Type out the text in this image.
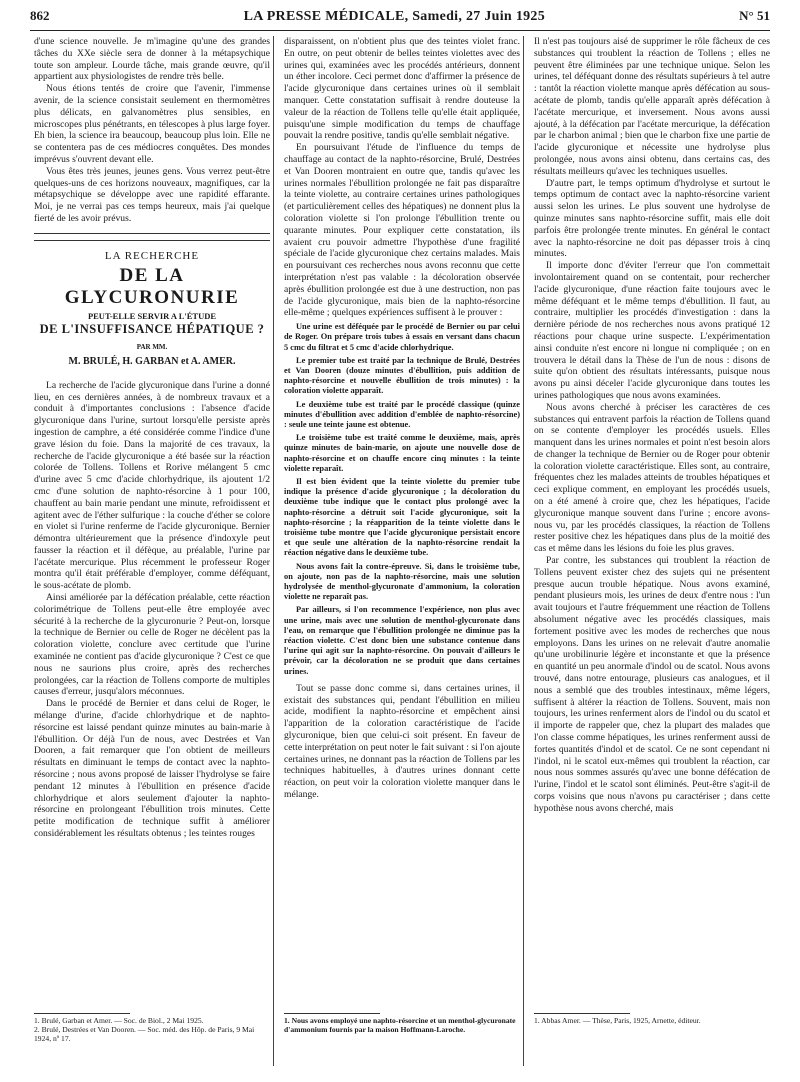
862	LA PRESSE MÉDICALE, Samedi, 27 Juin 1925	N° 51

d'une science nouvelle. Je m'imagine qu'une des grandes tâches du XXe siècle sera de donner à la métapsychique toute son ampleur. Lourde tâche, mais grande œuvre, qu'il appartient aux physiologistes de rendre très belle.

Nous étions tentés de croire que l'avenir, l'immense avenir, de la science consistait seulement en thermomètres plus délicats, en galvanomètres plus sensibles, en microscopes plus pénétrants, en télescopes à plus large foyer. Eh bien, la science ira beaucoup, beaucoup plus loin. Elle ne se contentera pas de ces médiocres conquêtes. Des mondes imprévus s'ouvrent devant elle.

Vous êtes très jeunes, jeunes gens. Vous verrez peut-être quelques-uns de ces horizons nouveaux, magnifiques, car la métapsychique se développe avec une rapidité effarante. Moi, je ne verrai pas ces temps heureux, mais j'ai quelque fierté de les avoir prévus.

LA RECHERCHE
DE LA GLYCURONURIE
PEUT-ELLE SERVIR A L'ÉTUDE
DE L'INSUFFISANCE HÉPATIQUE ?
PAR MM.
M. BRULÉ, H. GARBAN et A. AMER.

La recherche de l'acide glycuronique dans l'urine a donné lieu, en ces dernières années, à de nombreux travaux et a conduit à d'importantes conclusions : l'absence d'acide glycuronique dans l'urine, surtout lorsqu'elle persiste après ingestion de camphre, a été considérée comme l'indice d'une grave lésion du foie. Dans la majorité de ces travaux, la recherche de l'acide glycuronique a été basée sur la réaction colorée de Tollens. Tollens et Rorive mélangent 5 cmc d'urine avec 5 cmc d'acide chlorhydrique, ils ajoutent 1/2 cmc d'une solution de naphto-résorcine à 1 pour 100, chauffent au bain marie pendant une minute, refroidissent et agitent avec de l'éther sulfurique : la couche d'éther se colore en violet si l'urine renferme de l'acide glycuronique. Bernier démontra ultérieurement que la présence d'indoxyle peut fausser la réaction et il défèque, au préalable, l'urine par l'acétate mercurique. Plus récemment le professeur Roger montra qu'il était préférable d'employer, comme déféquant, le sous-acétate de plomb.

Ainsi améliorée par la défécation préalable, cette réaction colorimétrique de Tollens peut-elle être employée avec sécurité à la recherche de la glycuronurie ? Peut-on, lorsque la technique de Bernier ou celle de Roger ne décèlent pas la coloration violette, conclure avec certitude que l'urine examinée ne contient pas d'acide glycuronique ? C'est ce que nous ne saurions plus croire, après des recherches prolongées, car la réaction de Tollens comporte de multiples causes d'erreur, jusqu'alors méconnues.

Dans le procédé de Bernier et dans celui de Roger, le mélange d'urine, d'acide chlorhydrique et de naphto-résorcine est laissé pendant quinze minutes au bain-marie à l'ébullition. Or déjà l'un de nous, avec Destrées et Van Dooren, a fait remarquer que l'on obtient de meilleurs résultats en diminuant le temps de contact avec la naphto-résorcine ; nous avons proposé de laisser l'hydrolyse se faire pendant 12 minutes à l'ébullition en présence d'acide chlorhydrique et alors seulement d'ajouter la naphto-résorcine en prolongeant l'ébullition trois minutes. Cette petite modification de technique suffit à améliorer considérablement les résultats obtenus ; les teintes rouges

disparaissent, on n'obtient plus que des teintes violet franc. En outre, on peut obtenir de belles teintes violettes avec des urines qui, examinées avec les procédés antérieurs, donnent un éther incolore. Ceci permet donc d'affirmer la présence de l'acide glycuronique dans certaines urines où il semblait manquer. Cette constatation suffisait à rendre douteuse la valeur de la réaction de Tollens telle qu'elle était appliquée, puisqu'une simple modification du temps de chauffage pouvait la rendre positive, tandis qu'elle semblait négative.

En poursuivant l'étude de l'influence du temps de chauffage au contact de la naphto-résorcine, Brulé, Destrées et Van Dooren montraient en outre que, tandis qu'avec les urines normales l'ébullition prolongée ne fait pas disparaître la teinte violette, au contraire certaines urines pathologiques (et particulièrement celles des hépatiques) ne donnent plus la coloration violette si l'on prolonge l'ébullition trente ou quarante minutes. Pour expliquer cette constatation, ils avaient cru pouvoir admettre l'hypothèse d'une fragilité spéciale de l'acide glycuronique chez certains malades. Mais en poursuivant ces recherches nous avons reconnu que cette interprétation n'est pas valable : la décoloration observée après ébullition prolongée est due à une destruction, non pas de l'acide glycuronique, mais bien de la naphto-résorcine elle-même ; quelques expériences suffisent à le prouver :

Une urine est déféquée par le procédé de Bernier ou par celui de Roger. On prépare trois tubes à essais en versant dans chacun 5 cmc du filtrat et 5 cmc d'acide chlorhydrique.

Le premier tube est traité par la technique de Brulé, Destrées et Van Dooren (douze minutes d'ébullition, puis addition de naphto-résorcine et nouvelle ébullition de trois minutes) : la coloration violette apparaît.

Le deuxième tube est traité par le procédé classique (quinze minutes d'ébullition avec addition d'emblée de naphto-résorcine) : seule une teinte jaune est obtenue.

Le troisième tube est traité comme le deuxième, mais, après quinze minutes de bain-marie, on ajoute une nouvelle dose de naphto-résorcine et on chauffe encore cinq minutes : la teinte violette reparaît.

Il est bien évident que la teinte violette du premier tube indique la présence d'acide glycuronique ; la décoloration du deuxième tube indique que le contact plus prolongé avec la naphto-résorcine a détruit soit l'acide glycuronique, soit la naphto-résorcine ; la réapparition de la teinte violette dans le troisième tube montre que l'acide glycuronique persistait encore et que seule une altération de la naphto-résorcine rendait la réaction négative dans le deuxième tube.

Nous avons fait la contre-épreuve. Si, dans le troisième tube, on ajoute, non pas de la naphto-résorcine, mais une solution hydrolysée de menthol-glycuronate d'ammonium, la coloration violette ne reparaît pas.

Par ailleurs, si l'on recommence l'expérience, non plus avec une urine, mais avec une solution de menthol-glycuronate dans l'eau, on remarque que l'ébullition prolongée ne diminue pas la réaction violette. C'est donc bien une substance contenue dans l'urine qui agit sur la naphto-résorcine. On pouvait d'ailleurs le prévoir, car la décoloration ne se produit que dans certaines urines.

Tout se passe donc comme si, dans certaines urines, il existait des substances qui, pendant l'ébullition en milieu acide, modifient la naphto-résorcine et empêchent ainsi l'apparition de la coloration caractéristique de l'acide glycuronique, bien que celui-ci soit présent. En faveur de cette interprétation on peut noter le fait suivant : si l'on ajoute certaines urines, ne donnant pas la réaction de Tollens par les techniques habituelles, à d'autres urines donnant cette réaction, on peut voir la coloration violette manquer dans le mélange.

Il n'est pas toujours aisé de supprimer le rôle fâcheux de ces substances qui troublent la réaction de Tollens ; elles ne peuvent être éliminées par une technique unique. Selon les urines, tel déféquant donne des résultats supérieurs à tel autre : tantôt la réaction violette manque après défécation au sous-acétate de plomb, tandis qu'elle apparaît après défécation à l'acétate mercurique, et inversement. Nous avons aussi ajouté, à la défécation par l'acétate mercurique, la défécation par le charbon animal ; bien que le charbon fixe une partie de l'acide glycuronique et nécessite une hydrolyse plus prolongée, nous avons ainsi obtenu, dans certains cas, des résultats meilleurs qu'avec les techniques usuelles.

D'autre part, le temps optimum d'hydrolyse et surtout le temps optimum de contact avec la naphto-résorcine varient aussi selon les urines. Le plus souvent une hydrolyse de quinze minutes sans naphto-résorcine suffit, mais elle doit parfois être prolongée trente minutes. En général le contact avec la naphto-résorcine ne doit pas dépasser trois à cinq minutes.

Il importe donc d'éviter l'erreur que l'on commettait involontairement quand on se contentait, pour rechercher l'acide glycuronique, d'une réaction faite toujours avec le même déféquant et le même temps d'ébullition. Il faut, au contraire, multiplier les procédés d'investigation : dans la dernière période de nos recherches nous avons pratiqué 12 réactions pour chaque urine suspecte. L'expérimentation ainsi conduite n'est encore ni longue ni compliquée ; on en trouvera le détail dans la Thèse de l'un de nous : disons de suite qu'on obtient des résultats intéressants, puisque nous avons pu ainsi déceler l'acide glycuronique dans toutes les urines pathologiques que nous avons examinées.

Nous avons cherché à préciser les caractères de ces substances qui entravent parfois la réaction de Tollens quand on se contente d'employer les procédés usuels. Elles manquent dans les urines normales et point n'est besoin alors de changer la technique de Bernier ou de Roger pour obtenir la coloration violette caractéristique. Elles sont, au contraire, fréquentes chez les malades atteints de troubles hépatiques et ceci explique comment, en employant les procédés usuels, on a été amené à croire que, chez les hépatiques, l'acide glycuronique manque souvent dans l'urine ; encore avons-nous vu, par les procédés classiques, la réaction de Tollens rester positive chez les hépatiques dans plus de la moitié des cas et même dans les lésions du foie les plus graves.

Par contre, les substances qui troublent la réaction de Tollens peuvent exister chez des sujets qui ne présentent presque aucun trouble hépatique. Nous avons examiné, pendant plusieurs mois, les urines de deux d'entre nous : l'un avait toujours et l'autre fréquemment une réaction de Tollens absolument négative avec les procédés classiques, mais fortement positive avec les modes de recherches que nous employons. Dans les urines on ne relevait d'autre anomalie qu'une urobilinurie légère et inconstante et que la présence en quantité un peu anormale d'indol ou de scatol. Nous avons trouvé, dans notre entourage, plusieurs cas analogues, et il nous a semblé que des troubles intestinaux, même légers, suffisent à altérer la réaction de Tollens. Souvent, mais non toujours, les urines renferment alors de l'indol ou du scatol et il importe de rappeler que, chez la plupart des malades que l'on classe comme hépatiques, les urines renferment aussi de fortes quantités d'indol et de scatol. Ce ne sont cependant ni l'indol, ni le scatol eux-mêmes qui troublent la réaction, car nous nous sommes assurés qu'avec une bonne défécation de l'urine, l'indol et le scatol sont éliminés. Peut-être s'agit-il de corps voisins que nous n'avons pu caractériser ; dans cette hypothèse nous avons cherché, mais

1. Brulé, Garban et Amer. — Soc. de Biol., 2 Mai 1925.

2. Brulé, Destrées et Van Dooren. — Soc. méd. des Hôp. de Paris, 9 Mai 1924, nº 17.

1. Nous avons employé une naphto-résorcine et un menthol-glycuronate d'ammonium fournis par la maison Hoffmann-Laroche.

1. Abbas Amer. — Thèse, Paris, 1925, Arnette, éditeur.
